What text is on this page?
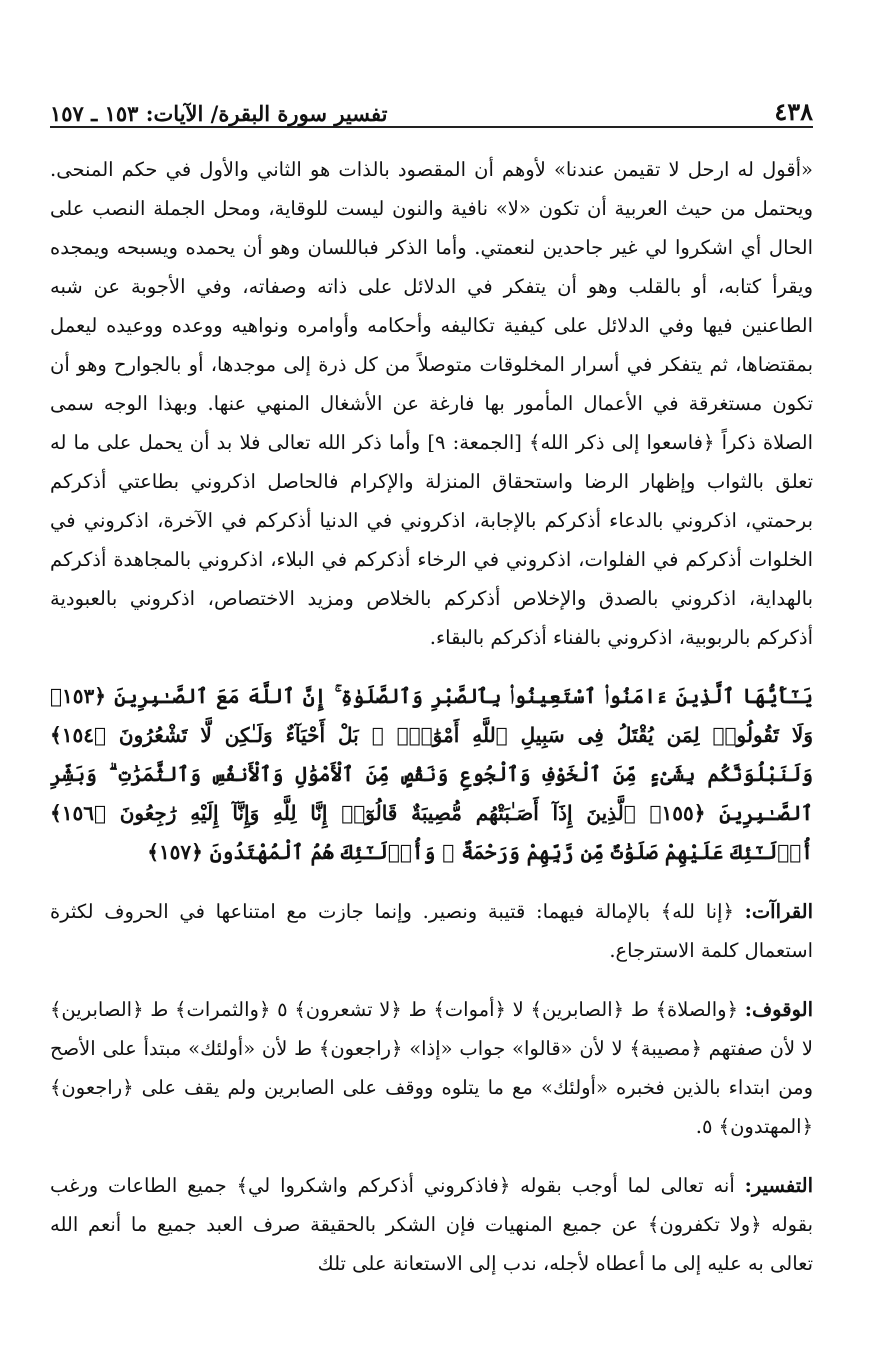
٤٣٨
تفسير سورة البقرة/ الآيات: ١٥٣ ـ ١٥٧

«أقول له ارحل لا تقيمن عندنا» لأوهم أن المقصود بالذات هو الثاني والأول في حكم المنحى. ويحتمل من حيث العربية أن تكون «لا» نافية والنون ليست للوقاية، ومحل الجملة النصب على الحال أي اشكروا لي غير جاحدين لنعمتي. وأما الذكر فباللسان وهو أن يحمده ويسبحه ويمجده ويقرأ كتابه، أو بالقلب وهو أن يتفكر في الدلائل على ذاته وصفاته، وفي الأجوبة عن شبه الطاعنين فيها وفي الدلائل على كيفية تكاليفه وأحكامه وأوامره ونواهيه ووعده ووعيده ليعمل بمقتضاها، ثم يتفكر في أسرار المخلوقات متوصلاً من كل ذرة إلى موجدها، أو بالجوارح وهو أن تكون مستغرقة في الأعمال المأمور بها فارغة عن الأشغال المنهي عنها. وبهذا الوجه سمى الصلاة ذكراً ﴿فاسعوا إلى ذكر الله﴾ [الجمعة: ٩] وأما ذكر الله تعالى فلا بد أن يحمل على ما له تعلق بالثواب وإظهار الرضا واستحقاق المنزلة والإكرام فالحاصل اذكروني بطاعتي أذكركم برحمتي، اذكروني بالدعاء أذكركم بالإجابة، اذكروني في الدنيا أذكركم في الآخرة، اذكروني في الخلوات أذكركم في الفلوات، اذكروني في الرخاء أذكركم في البلاء، اذكروني بالمجاهدة أذكركم بالهداية، اذكروني بالصدق والإخلاص أذكركم بالخلاص ومزيد الاختصاص، اذكروني بالعبودية أذكركم بالربوبية، اذكروني بالفناء أذكركم بالبقاء.

يَـٰٓأَيُّهَا ٱلَّذِينَ ءَامَنُوا۟ ٱسْتَعِينُوا۟ بِٱلصَّبْرِ وَٱلصَّلَوٰةِ ۚ إِنَّ ٱللَّهَ مَعَ ٱلصَّـٰبِرِينَ ﴿١٥٣﴾ وَلَا تَقُولُوا۟ لِمَن يُقْتَلُ فِى سَبِيلِ ٱللَّهِ أَمْوَٰتٌۢ ۚ بَلْ أَحْيَآءٌ وَلَـٰكِن لَّا تَشْعُرُونَ ﴿١٥٤﴾ وَلَنَبْلُوَنَّكُم بِشَىْءٍ مِّنَ ٱلْخَوْفِ وَٱلْجُوعِ وَنَقْصٍ مِّنَ ٱلْأَمْوَٰلِ وَٱلْأَنفُسِ وَٱلثَّمَرَٰتِ ۗ وَبَشِّرِ ٱلصَّـٰبِرِينَ ﴿١٥٥﴾ ٱلَّذِينَ إِذَآ أَصَـٰبَتْهُم مُّصِيبَةٌ قَالُوٓا۟ إِنَّا لِلَّهِ وَإِنَّآ إِلَيْهِ رَٰجِعُونَ ﴿١٥٦﴾ أُو۟لَـٰٓئِكَ عَلَيْهِمْ صَلَوَٰتٌ مِّن رَّبِّهِمْ وَرَحْمَةٌ ۖ وَأُو۟لَـٰٓئِكَ هُمُ ٱلْمُهْتَدُونَ ﴿١٥٧﴾

القراآت: ﴿إنا لله﴾ بالإمالة فيهما: قتيبة ونصير. وإنما جازت مع امتناعها في الحروف لكثرة استعمال كلمة الاسترجاع.

الوقوف: ﴿والصلاة﴾ ط ﴿الصابرين﴾ لا ﴿أموات﴾ ط ﴿لا تشعرون﴾ ٥ ﴿والثمرات﴾ ط ﴿الصابرين﴾ لا لأن صفتهم ﴿مصيبة﴾ لا لأن «قالوا» جواب «إذا» ﴿راجعون﴾ ط لأن «أولئك» مبتدأ على الأصح ومن ابتداء بالذين فخبره «أولئك» مع ما يتلوه ووقف على الصابرين ولم يقف على ﴿راجعون﴾ ﴿المهتدون﴾ ٥.

التفسير: أنه تعالى لما أوجب بقوله ﴿فاذكروني أذكركم واشكروا لي﴾ جميع الطاعات ورغب بقوله ﴿ولا تكفرون﴾ عن جميع المنهيات فإن الشكر بالحقيقة صرف العبد جميع ما أنعم الله تعالى به عليه إلى ما أعطاه لأجله، ندب إلى الاستعانة على تلك
